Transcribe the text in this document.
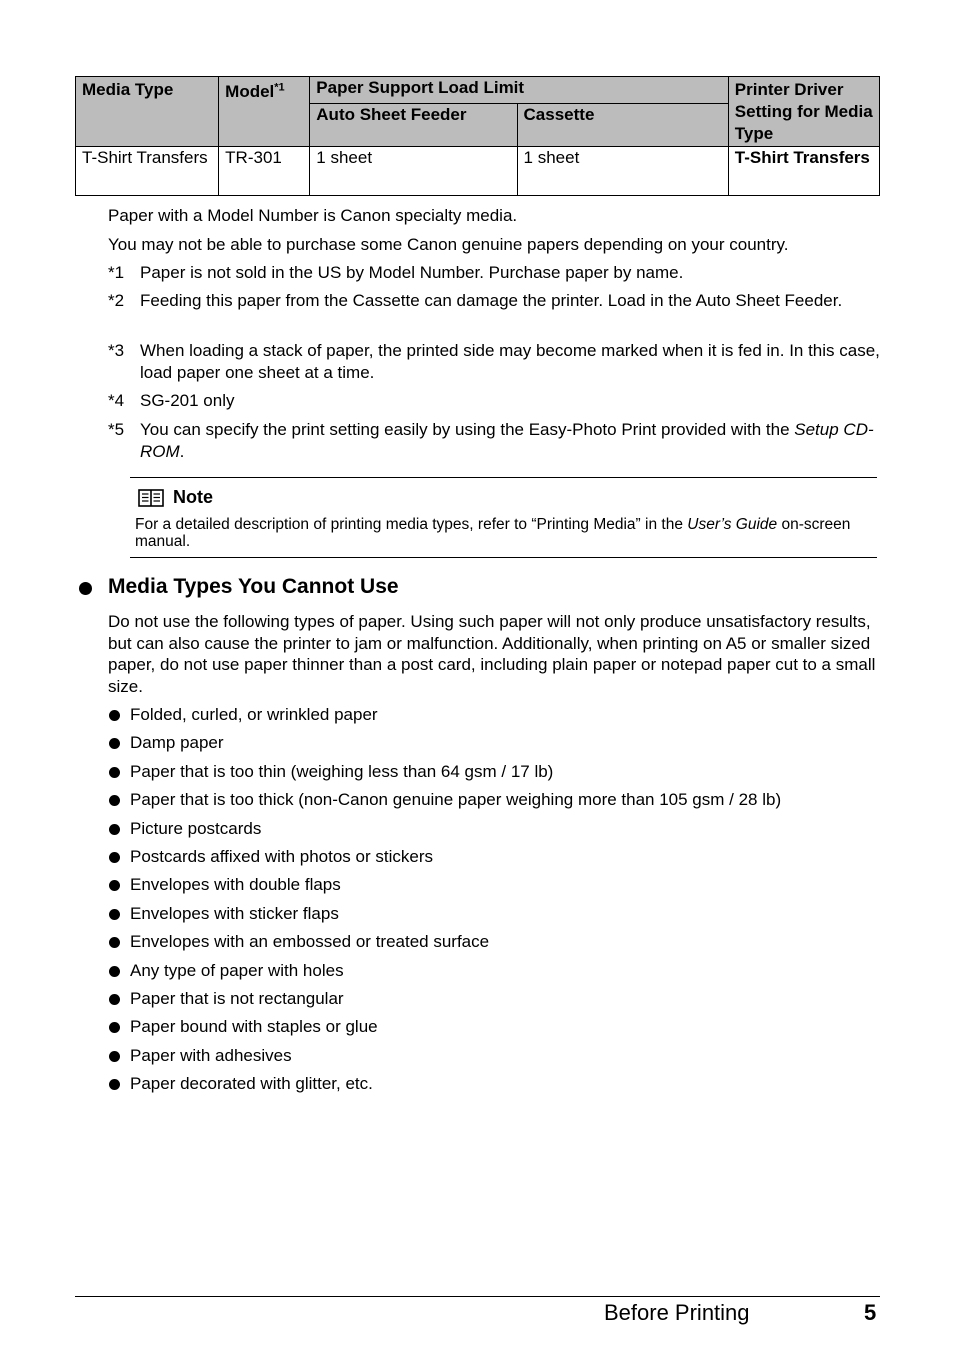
Media Type	Model$^{*1}$	Paper Support Load Limit		Printer Driver Setting for Media Type
		Auto Sheet Feeder	Cassette	
T-Shirt Transfers	TR-301	1 sheet	1 sheet	T-Shirt Transfers
Paper with a Model Number is Canon specialty media.
You may not be able to purchase some Canon genuine papers depending on your country.
*1 Paper is not sold in the US by Model Number. Purchase paper by name.
*2 Feeding this paper from the Cassette can damage the printer. Load in the Auto Sheet Feeder.
*3 When loading a stack of paper, the printed side may become marked when it is fed in. In this case, load paper one sheet at a time.
*4 SG-201 only
*5 You can specify the print setting easily by using the Easy-Photo Print provided with the Setup CD-ROM.
Note
For a detailed description of printing media types, refer to “Printing Media” in the User’s Guide on-screen manual.
Media Types You Cannot Use
Do not use the following types of paper. Using such paper will not only produce unsatisfactory results, but can also cause the printer to jam or malfunction. Additionally, when printing on A5 or smaller sized paper, do not use paper thinner than a post card, including plain paper or notepad paper cut to a small size.
Folded, curled, or wrinkled paper
Damp paper
Paper that is too thin (weighing less than 64 gsm / 17 lb)
Paper that is too thick (non-Canon genuine paper weighing more than 105 gsm / 28 lb)
Picture postcards
Postcards affixed with photos or stickers
Envelopes with double flaps
Envelopes with sticker flaps
Envelopes with an embossed or treated surface
Any type of paper with holes
Paper that is not rectangular
Paper bound with staples or glue
Paper with adhesives
Paper decorated with glitter, etc.
Before Printing	5
